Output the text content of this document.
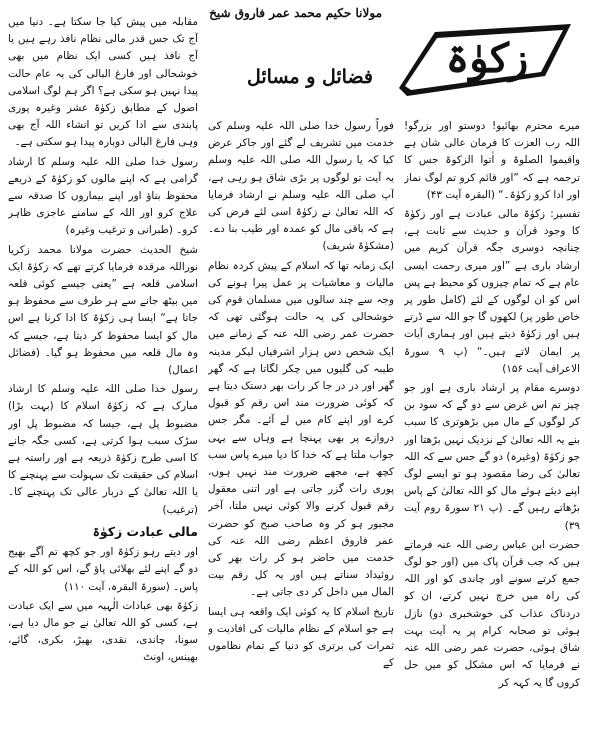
زکوٰۃ
مولانا حکیم محمد عمر فاروق شیخ
فضائل و مسائل

میرے محترم بھائیو! دوستو اور بزرگو! اللہ رب العزت کا فرمان عالی شان ہے واقیموا الصلوۃ و اٰتوا الزکوۃ جس کا ترجمہ ہے کہ ”اور قائم کرو تم لوگ نماز اور ادا کرو زکوٰۃ۔“ (البقرہ آیت ۴۳)

تفسیر: زکوٰۃ مالی عبادت ہے اور زکوٰۃ کا وجود قرآن و حدیث سے ثابت ہے، چنانچہ دوسری جگہ قرآن کریم میں ارشاد باری ہے ”اور میری رحمت ایسی عام ہے کہ تمام چیزوں کو محیط ہے پس اس کو ان لوگوں کے لئے (کامل طور پر خاص طور پر) لکھوں گا جو اللہ سے ڈرتے ہیں اور زکوٰۃ دیتے ہیں اور ہماری آیات پر ایمان لاتے ہیں۔“ (پ ۹ سورۃ الاعراف آیت ۱۵۶)

دوسرے مقام پر ارشاد باری ہے اور جو چیز تم اس غرض سے دو گے کہ سود بن کر لوگوں کے مال میں بڑھوتری کا سبب بنے یہ اللہ تعالیٰ کے نزدیک نہیں بڑھتا اور جو زکوٰۃ (وغیرہ) دو گے جس سے کہ اللہ تعالیٰ کی رضا مقصود ہو تو ایسے لوگ اپنے دیئے ہوئے مال کو اللہ تعالیٰ کے پاس بڑھاتے رہیں گے۔ (پ ۲۱ سورۃ روم آیت ۳۹)

حضرت ابن عباس رضی اللہ عنہ فرماتے ہیں کہ جب قرآن پاک میں (اور جو لوگ جمع کرتے سونے اور چاندی کو اور اللہ کی راہ میں خرچ نہیں کرتے، ان کو دردناک عذاب کی خوشخبری دو) نازل ہوئی تو صحابہ کرام پر یہ آیت بہت شاق ہوئی، حضرت عمر رضی اللہ عنہ نے فرمایا کہ اس مشکل کو میں حل کروں گا یہ کہہ کر

فوراً رسول خدا صلی اللہ علیہ وسلم کی خدمت میں تشریف لے گئے اور جاکر عرض کیا کہ یا رسول اللہ صلی اللہ علیہ وسلم یہ آیت تو لوگوں پر بڑی شاق ہو رہی ہے، آپ صلی اللہ علیہ وسلم نے ارشاد فرمایا کہ اللہ تعالیٰ نے زکوٰۃ اسی لئے فرض کی ہے کہ باقی مال کو عمدہ اور طیب بنا دے۔ (مشکوٰۃ شریف)

ایک زمانہ تھا کہ اسلام کے پیش کردہ نظام مالیات و معاشیات پر عمل پیرا ہونے کی وجہ سے چند سالوں میں مسلمان قوم کی خوشحالی کی یہ حالت ہوگئی تھی کہ حضرت عمر رضی اللہ عنہ کے زمانے میں ایک شخص دس ہزار اشرفیاں لیکر مدینہ طیبہ کی گلیوں میں چکر لگاتا ہے کہ گھر گھر اور در در جا کر رات بھر دستک دیتا ہے کہ کوئی ضرورت مند اس رقم کو قبول کرے اور اپنے کام میں لے آئے۔ مگر جس دروازے پر بھی پہنچا ہے وہاں سے یہی جواب ملتا ہے کہ خدا کا دیا میرے پاس سب کچھ ہے، مجھے ضرورت مند نہیں ہوں، پوری رات گزر جاتی ہے اور اتنی معقول رقم قبول کرنے والا کوئی نہیں ملتا، آخر مجبور ہو کر وہ صاحب صبح کو حضرت عمر فاروق اعظم رضی اللہ عنہ کی خدمت میں حاضر ہو کر رات بھر کی روئیداد سناتے ہیں اور یہ کل رقم بیت المال میں داخل کر دی جاتی ہے۔

تاریخ اسلام کا یہ کوئی ایک واقعہ ہی ایسا ہے جو اسلام کے نظام مالیات کی افادیت و ثمرات کی برتری کو دنیا کے تمام نظاموں کے

مقابلہ میں پیش کیا جا سکتا ہے۔ دنیا میں آج تک جس قدر مالی نظام نافذ رہے ہیں یا آج نافذ ہیں کسی ایک نظام میں بھی خوشحالی اور فارغ البالی کی یہ عام حالت پیدا نہیں ہو سکی ہے؟ اگر ہم لوگ اسلامی اصول کے مطابق زکوٰۃ عشر وغیرہ پوری پابندی سے ادا کریں تو انشاء اللہ آج بھی وہی فارغ البالی دوبارہ پیدا ہو سکتی ہے۔

رسول خدا صلی اللہ علیہ وسلم کا ارشاد گرامی ہے کہ اپنے مالوں کو زکوٰۃ کے ذریعے محفوظ بناؤ اور اپنے بیماروں کا صدقہ سے علاج کرو اور اللہ کے سامنے عاجزی ظاہر کرو۔ (طبرانی و ترغیب وغیرہ)

شیخ الحدیث حضرت مولانا محمد زکریا نوراللہ مرقدہ فرمایا کرتے تھے کہ زکوٰۃ ایک اسلامی قلعہ ہے ”یعنی جیسے کوئی قلعہ میں بیٹھ جانے سے ہر طرف سے محفوظ ہو جاتا ہے“ ایسا ہی زکوٰۃ کا ادا کرنا ہے اس مال کو ایسا محفوظ کر دیتا ہے، جیسے کہ وہ مال قلعہ میں محفوظ ہو گیا۔ (فضائل اعمال)

رسول خدا صلی اللہ علیہ وسلم کا ارشاد مبارک ہے کہ زکوٰۃ اسلام کا (بہت بڑا) مضبوط پل ہے، جیسا کہ مضبوط پل اور سڑک سبب ہوا کرتی ہے، کسی جگہ جانے کا اسی طرح زکوٰۃ ذریعہ ہے اور راستہ ہے اسلام کی حقیقت تک سہولت سے پہنچنے کا یا اللہ تعالیٰ کے دربار عالی تک پہنچنے کا۔ (ترغیب)

مالی عبادت زکوٰۃ

اور دیتے رہو زکوٰۃ اور جو کچھ تم آگے بھیج دو گے اپنے لئے بھلائی پاؤ گے، اس کو اللہ کے پاس۔ (سورۃ البقرہ، آیت ۱۱۰)

زکوٰۃ بھی عبادات الٰہیہ میں سے ایک عبادت ہے، کسی کو اللہ تعالیٰ نے جو مال دیا ہے، سونا، چاندی، نقدی، بھیڑ، بکری، گائے، بھینس، اونٹ
